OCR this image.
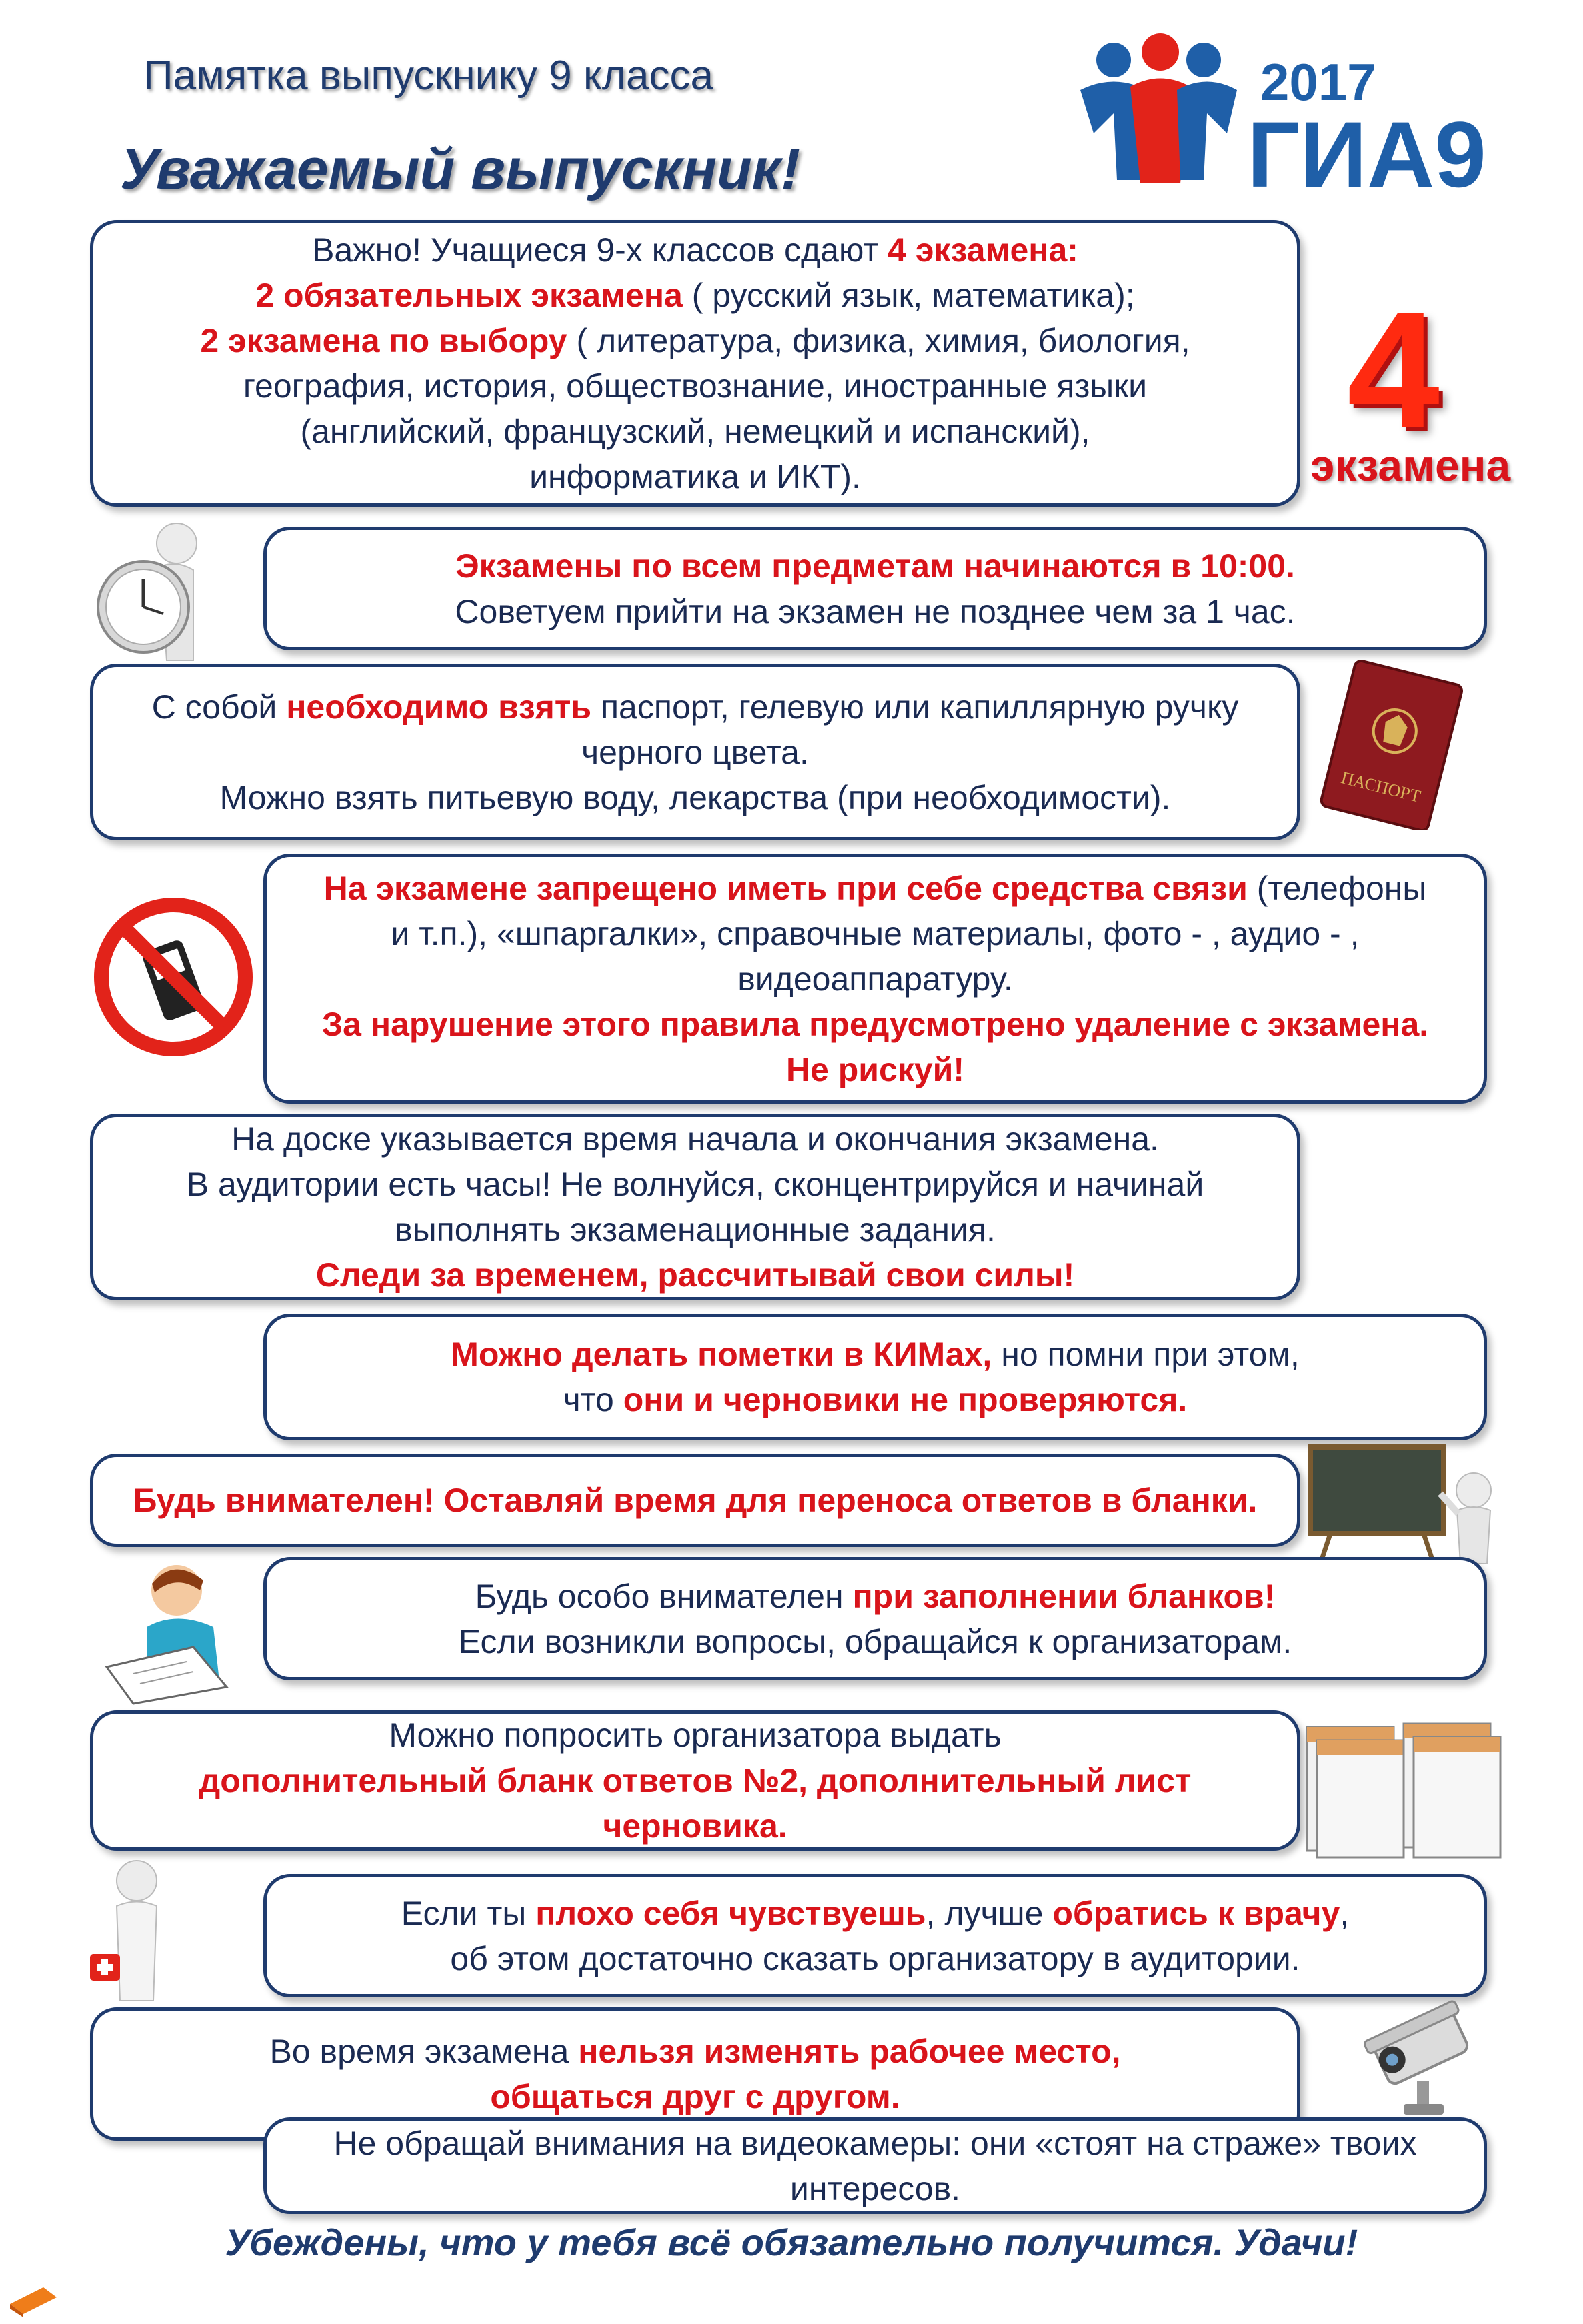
Памятка выпускнику 9 класса
Уважаемый выпускник!
2017
ГИА9
Важно! Учащиеся 9-х классов сдают 4 экзамена:
2 обязательных экзамена ( русский язык, математика);
2 экзамена по выбору ( литература, физика, химия, биология,
география, история, обществознание, иностранные языки
(английский, французский, немецкий и испанский),
информатика и ИКТ).
4
экзамена
Экзамены по всем предметам начинаются в 10:00.
Советуем прийти на экзамен не позднее чем за 1 час.
С собой необходимо взять паспорт, гелевую или капиллярную ручку
черного цвета.
Можно взять питьевую воду, лекарства (при необходимости).	ПАСПОРТ
На экзамене запрещено иметь при себе средства связи (телефоны
и т.п.), «шпаргалки», справочные материалы, фото - , аудио - ,
видеоаппаратуру.
За нарушение этого правила предусмотрено удаление с экзамена.
Не рискуй!
На доске указывается время начала и окончания экзамена.
В аудитории есть часы! Не волнуйся, сконцентрируйся и начинай
выполнять экзаменационные задания.
Следи за временем, рассчитывай свои силы!
Можно делать пометки в КИМах, но помни при этом,
что они и черновики не проверяются.
Будь внимателен! Оставляй время для переноса ответов в бланки.
Будь особо внимателен при заполнении бланков!
Если возникли вопросы, обращайся к организаторам.
Можно попросить организатора выдать
дополнительный бланк ответов №2, дополнительный лист
черновика.
Если ты плохо себя чувствуешь, лучше обратись к врачу,
об этом достаточно сказать организатору в аудитории.
Во время экзамена нельзя изменять рабочее место,
общаться друг с другом.
Не обращай внимания на видеокамеры: они «стоят на страже» твоих
интересов.
Убеждены, что у тебя всё обязательно получится. Удачи!
